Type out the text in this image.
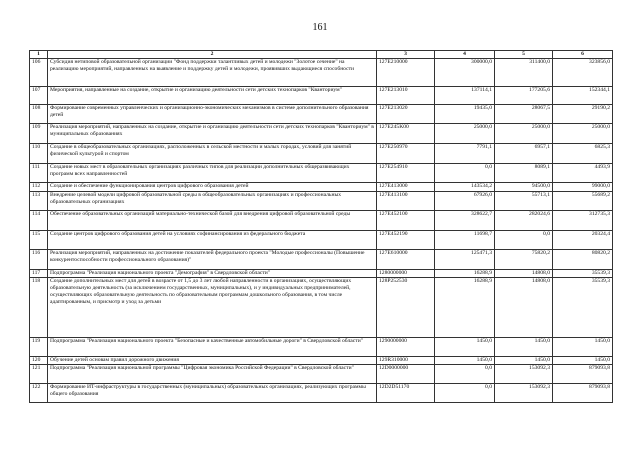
161
1	2	3	4	5	6
106	Субсидия нетиповой образовательной организации "Фонд поддержки талантливых детей и молодежи "Золотое сечение" на реализацию мероприятий, направленных на выявление и поддержку детей и молодежи, проявивших выдающиеся способности	127E210000	300000,0	311400,0	323856,0
107	Мероприятия, направленные на создание, открытие и организацию деятельности сети детских технопарков "Кванториум"	127E213010	137114,1	177205,6	152344,1
108	Формирование современных управленческих и организационно-экономических механизмов в системе дополнительного образования детей	127E213020	19435,0	28067,5	29190,2
109	Реализация мероприятий, направленных на создание, открытие и организацию деятельности сети детских технопарков "Кванториум" в муниципальных образованиях	127E245K00	25000,0	25000,0	25000,0
110	Создание в общеобразовательных организациях, расположенных в сельской местности и малых городах, условий для занятий физической культурой и спортом	127E250970	7791,1	6957,1	6825,3
111	Создание новых мест в образовательных организациях различных типов для реализации дополнительных общеразвивающих программ всех направленностей	127E254910	0,0	8089,1	4493,9
112	Создание и обеспечение функционирования центров цифрового образования детей	127E413000	143534,2	94500,0	99000,0
113	Внедрение целевой модели цифровой образовательной среды в общеобразовательных организациях и профессиональных образовательных организациях	127E413100	67926,0	55713,1	55689,2
114	Обеспечение образовательных организаций материально-технической базой для внедрения цифровой образовательной среды	127E452100	328622,7	282024,6	312735,3
115	Создание центров цифрового образования детей на условиях софинансирования из федерального бюджета	127E452190	11698,7	0,0	20324,4
116	Реализация мероприятий, направленных на достижение показателей федерального проекта "Молодые профессионалы (Повышение конкурентоспособности профессионального образования)"	127E610000	125471,3	75820,2	80820,2
117	Подпрограмма "Реализация национального проекта "Демография" в Свердловской области"	1280000000	16288,9	14808,0	35539,3
118	Создание дополнительных мест для детей в возрасте от 1,5 до 3 лет любой направленности в организациях, осуществляющих образовательную деятельность (за исключением государственных, муниципальных), и у индивидуальных предпринимателей, осуществляющих образовательную деятельность по образовательным программам дошкольного образования, в том числе адаптированным, и присмотр и уход за детьми	128P252530	16288,9	14808,0	35539,3
119	Подпрограмма "Реализация национального проекта "Безопасные и качественные автомобильные дороги" в Свердловской области"	1290000000	1450,0	1450,0	1450,0
120	Обучение детей основам правил дорожного движения	129R310000	1450,0	1450,0	1450,0
121	Подпрограмма "Реализация национальной программы "Цифровая экономика Российской Федерации" в Свердловской области"	12D0000000	0,0	153092,3	879093,8
122	Формирование ИТ-инфраструктуры в государственных (муниципальных) образовательных организациях, реализующих программы общего образования	12D2D51170	0,0	153092,3	879093,8
